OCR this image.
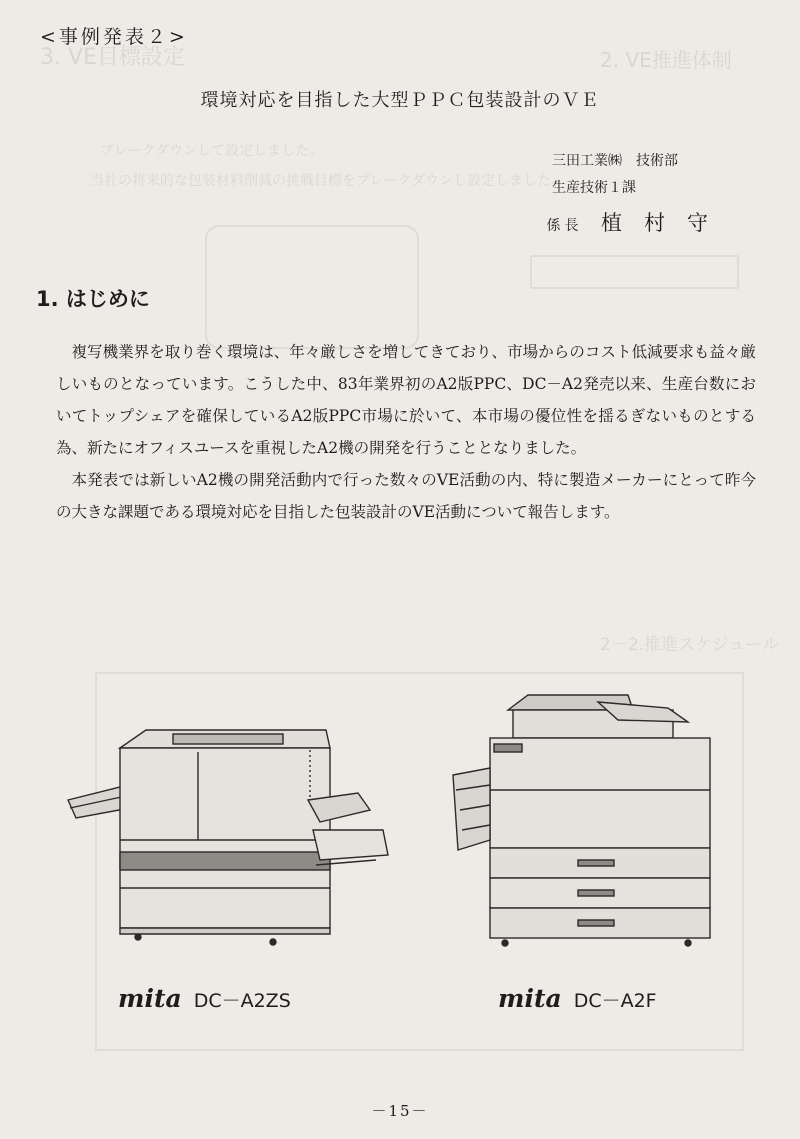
3. VE目標設定	2. VE推進体制
ブレークダウンして設定しました。
当社の将来的な包装材料削減の挑戦目標をブレークダウンし設定しました。
2－2.推進スケジュール
<事例発表２>
環境対応を目指した大型ＰＰＣ包装設計のＶＥ
三田工業㈱　技術部
生産技術１課
係長 植村守
1. はじめに

複写機業界を取り巻く環境は、年々厳しさを増してきており、市場からのコスト低減要求も益々厳しいものとなっています。こうした中、83年業界初のA2版PPC、DC－A2発売以来、生産台数においてトップシェアを確保しているA2版PPC市場に於いて、本市場の優位性を揺るぎないものとする為、新たにオフィスユースを重視したA2機の開発を行うこととなりました。

本発表では新しいA2機の開発活動内で行った数々のVE活動の内、特に製造メーカーにとって昨今の大きな課題である環境対応を目指した包装設計のVE活動について報告します。

mita DC－A2ZS	mita DC－A2F
－15－
